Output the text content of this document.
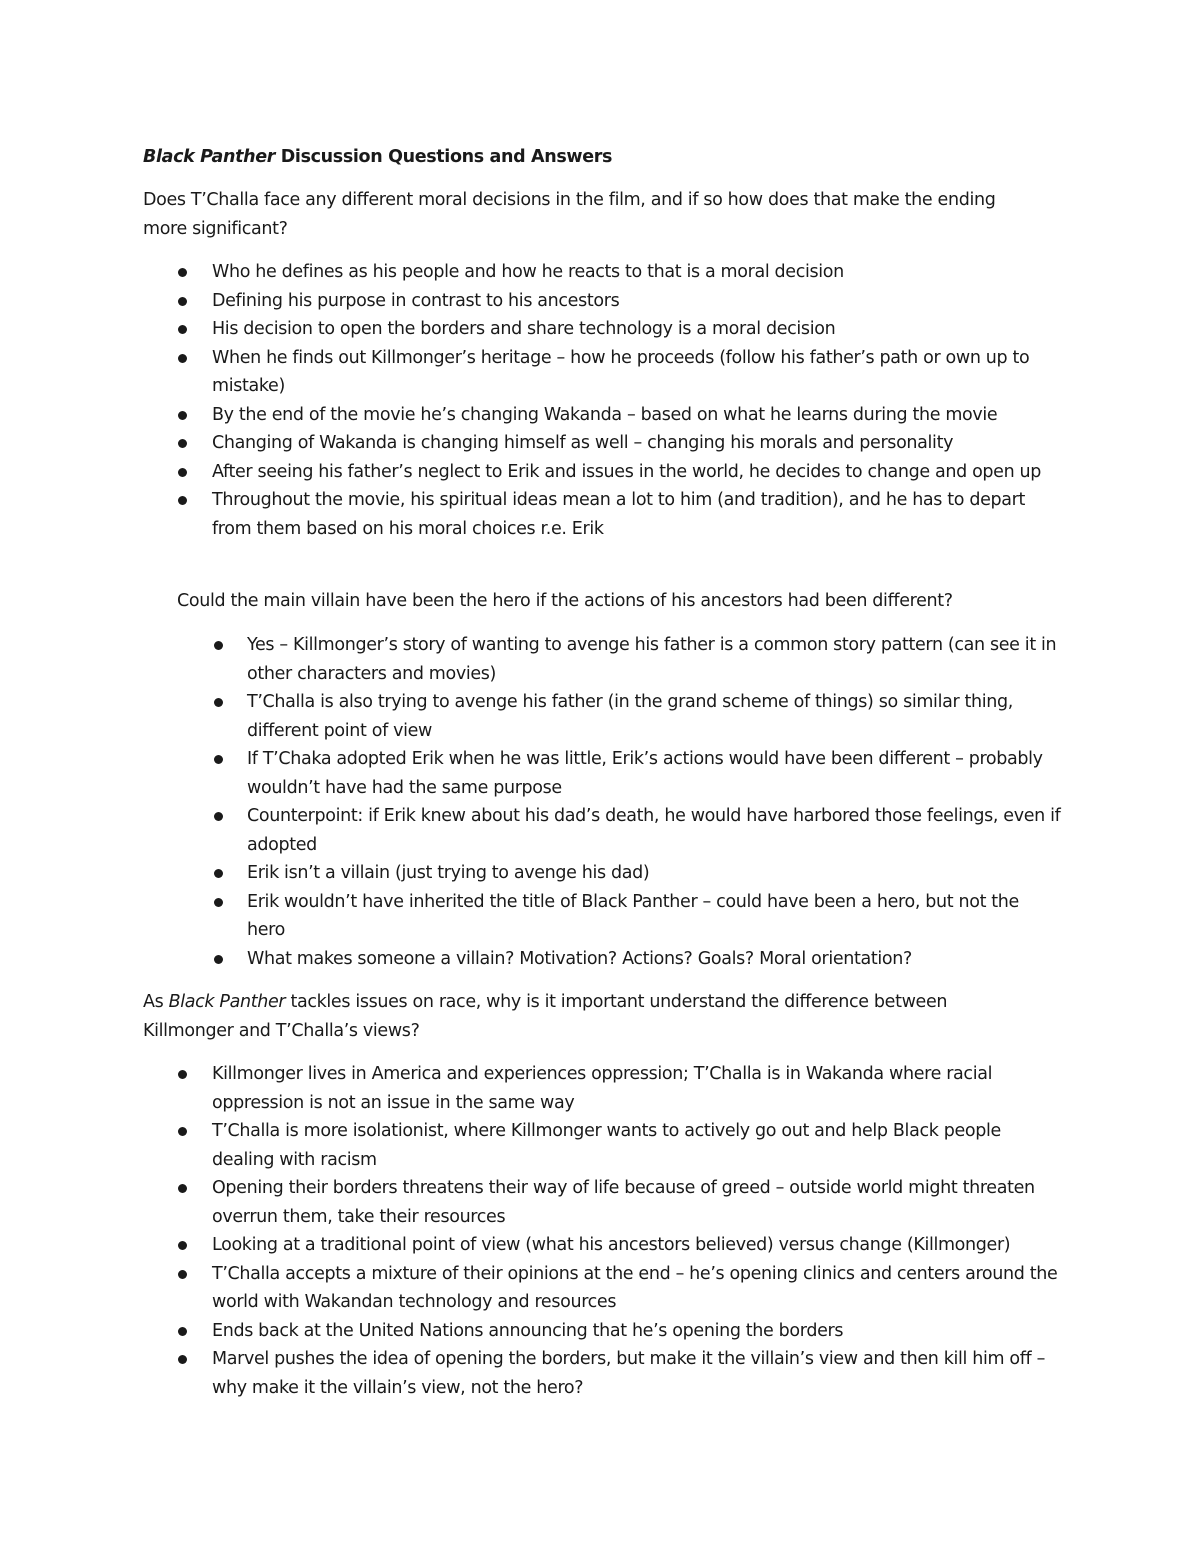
Black Panther Discussion Questions and Answers

Does T’Challa face any different moral decisions in the film, and if so how does that make the ending more significant?

Who he defines as his people and how he reacts to that is a moral decision
Defining his purpose in contrast to his ancestors
His decision to open the borders and share technology is a moral decision
When he finds out Killmonger’s heritage – how he proceeds (follow his father’s path or own up to mistake)
By the end of the movie he’s changing Wakanda – based on what he learns during the movie
Changing of Wakanda is changing himself as well – changing his morals and personality
After seeing his father’s neglect to Erik and issues in the world, he decides to change and open up
Throughout the movie, his spiritual ideas mean a lot to him (and tradition), and he has to depart from them based on his moral choices r.e. Erik

Could the main villain have been the hero if the actions of his ancestors had been different?

Yes – Killmonger’s story of wanting to avenge his father is a common story pattern (can see it in other characters and movies)
T’Challa is also trying to avenge his father (in the grand scheme of things) so similar thing, different point of view
If T’Chaka adopted Erik when he was little, Erik’s actions would have been different – probably wouldn’t have had the same purpose
Counterpoint: if Erik knew about his dad’s death, he would have harbored those feelings, even if adopted
Erik isn’t a villain (just trying to avenge his dad)
Erik wouldn’t have inherited the title of Black Panther – could have been a hero, but not the hero
What makes someone a villain? Motivation? Actions? Goals? Moral orientation?

As Black Panther tackles issues on race, why is it important understand the difference between Killmonger and T’Challa’s views?

Killmonger lives in America and experiences oppression; T’Challa is in Wakanda where racial oppression is not an issue in the same way
T’Challa is more isolationist, where Killmonger wants to actively go out and help Black people dealing with racism
Opening their borders threatens their way of life because of greed – outside world might threaten overrun them, take their resources
Looking at a traditional point of view (what his ancestors believed) versus change (Killmonger)
T’Challa accepts a mixture of their opinions at the end – he’s opening clinics and centers around the world with Wakandan technology and resources
Ends back at the United Nations announcing that he’s opening the borders
Marvel pushes the idea of opening the borders, but make it the villain’s view and then kill him off – why make it the villain’s view, not the hero?
